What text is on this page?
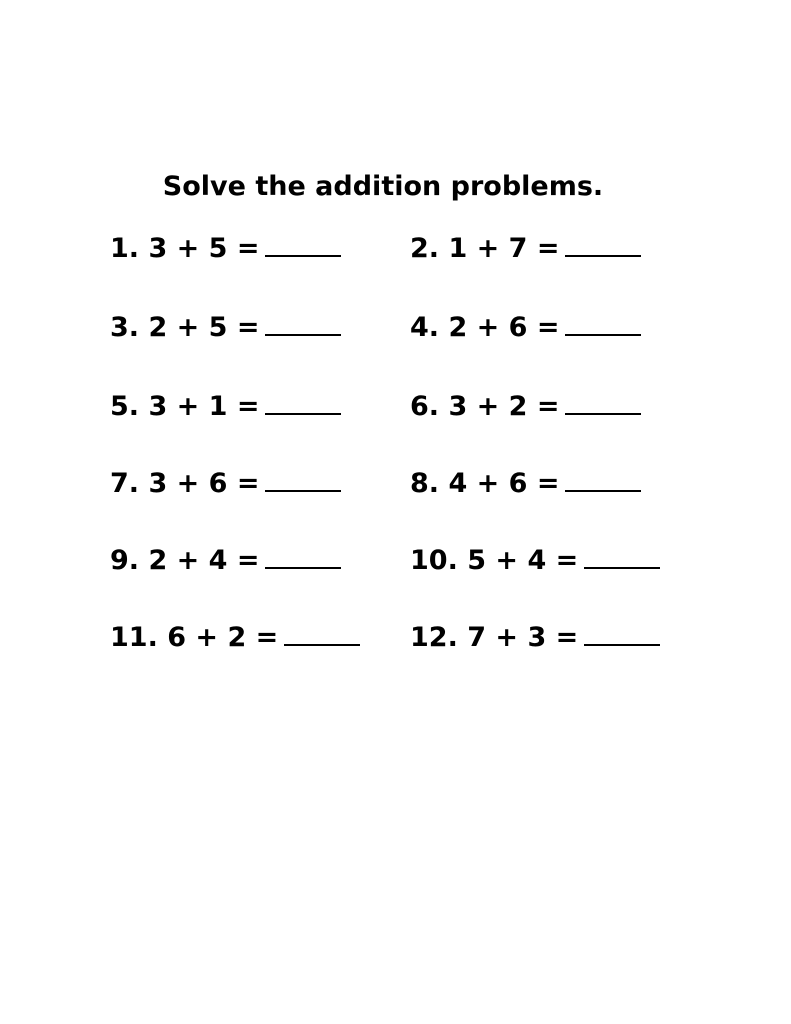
Solve the addition problems.
1. 3 + 5 =	2. 1 + 7 =
3. 2 + 5 =	4. 2 + 6 =
5. 3 + 1 =	6. 3 + 2 =
7. 3 + 6 =	8. 4 + 6 =
9. 2 + 4 =	10. 5 + 4 =
11. 6 + 2 =	12. 7 + 3 =
